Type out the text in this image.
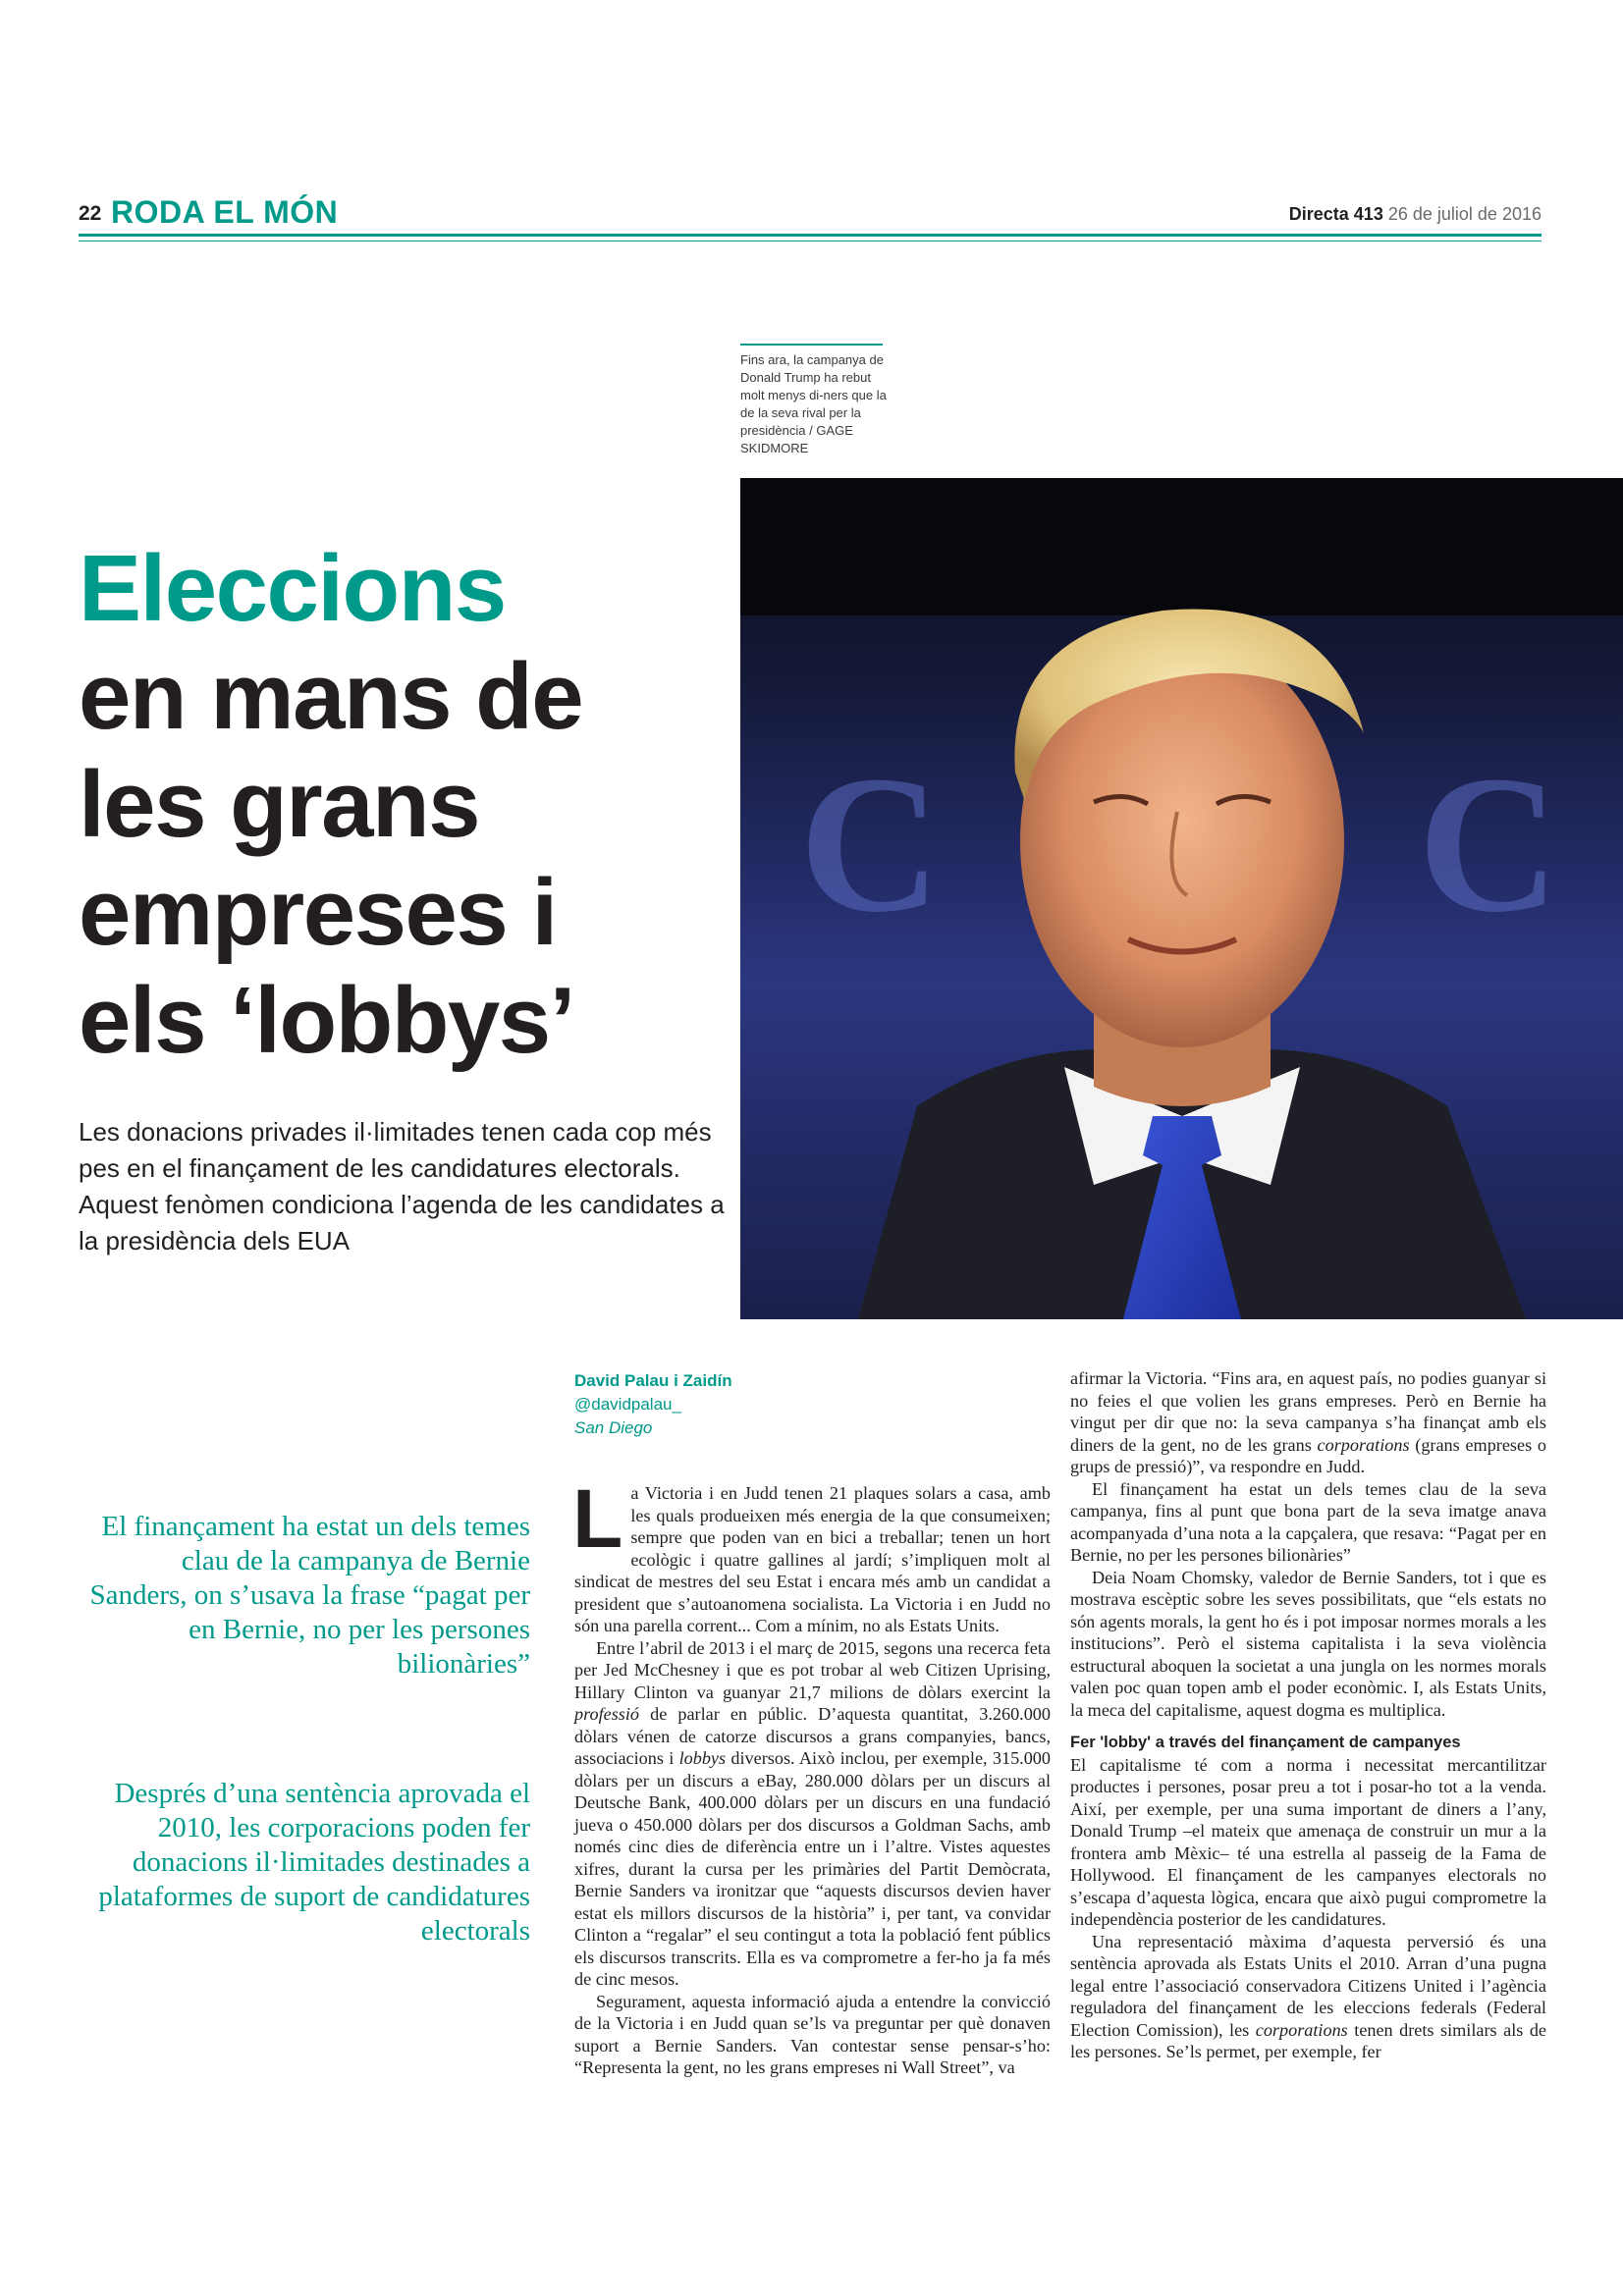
22 RODA EL MÓN	Directa 413 26 de juliol de 2016
Fins ara, la campanya de Donald Trump ha rebut molt menys di-ners que la de la seva rival per la presidència / GAGE SKIDMORE
C C
Eleccions
en mans de
les grans
empreses i
els ‘lobbys’

Les donacions privades il·limitades tenen cada cop més pes en el finançament de les candidatures electorals. Aquest fenòmen condiciona l’agenda de les candidates a la presidència dels EUA

David Palau i Zaidín
@davidpalau_
San Diego
El finançament ha estat un dels temes clau de la campanya de Bernie Sanders, on s’usava la frase “pagat per en Bernie, no per les persones bilionàries”
Després d’una sentència aprovada el 2010, les corporacions poden fer donacions il·limitades destinades a plataformes de suport de candidatures electorals

La Victoria i en Judd tenen 21 plaques solars a casa, amb les quals produeixen més energia de la que consumeixen; sempre que poden van en bici a treballar; tenen un hort ecològic i quatre gallines al jardí; s’impliquen molt al sindicat de mestres del seu Estat i encara més amb un candidat a president que s’autoanomena socialista. La Victoria i en Judd no són una parella corrent... Com a mínim, no als Estats Units.

Entre l’abril de 2013 i el març de 2015, segons una recerca feta per Jed McChesney i que es pot trobar al web Citizen Uprising, Hillary Clinton va guanyar 21,7 milions de dòlars exercint la professió de parlar en públic. D’aquesta quantitat, 3.260.000 dòlars vénen de catorze discursos a grans companyies, bancs, associacions i lobbys diversos. Això inclou, per exemple, 315.000 dòlars per un discurs a eBay, 280.000 dòlars per un discurs al Deutsche Bank, 400.000 dòlars per un discurs en una fundació jueva o 450.000 dòlars per dos discursos a Goldman Sachs, amb només cinc dies de diferència entre un i l’altre. Vistes aquestes xifres, durant la cursa per les primàries del Partit Demòcrata, Bernie Sanders va ironitzar que “aquests discursos devien haver estat els millors discursos de la història” i, per tant, va convidar Clinton a “regalar” el seu contingut a tota la població fent públics els discursos transcrits. Ella es va comprometre a fer-ho ja fa més de cinc mesos.

Segurament, aquesta informació ajuda a entendre la convicció de la Victoria i en Judd quan se’ls va preguntar per què donaven suport a Bernie Sanders. Van contestar sense pensar-s’ho: “Representa la gent, no les grans empreses ni Wall Street”, va

afirmar la Victoria. “Fins ara, en aquest país, no podies guanyar si no feies el que volien les grans empreses. Però en Bernie ha vingut per dir que no: la seva campanya s’ha finançat amb els diners de la gent, no de les grans corporations (grans empreses o grups de pressió)”, va respondre en Judd.

El finançament ha estat un dels temes clau de la seva campanya, fins al punt que bona part de la seva imatge anava acompanyada d’una nota a la capçalera, que resava: “Pagat per en Bernie, no per les persones bilionàries”

Deia Noam Chomsky, valedor de Bernie Sanders, tot i que es mostrava escèptic sobre les seves possibilitats, que “els estats no són agents morals, la gent ho és i pot imposar normes morals a les institucions”. Però el sistema capitalista i la seva violència estructural aboquen la societat a una jungla on les normes morals valen poc quan topen amb el poder econòmic. I, als Estats Units, la meca del capitalisme, aquest dogma es multiplica.

Fer 'lobby' a través del finançament de campanyes

El capitalisme té com a norma i necessitat mercantilitzar productes i persones, posar preu a tot i posar-ho tot a la venda. Així, per exemple, per una suma important de diners a l’any, Donald Trump –el mateix que amenaça de construir un mur a la frontera amb Mèxic– té una estrella al passeig de la Fama de Hollywood. El finançament de les campanyes electorals no s’escapa d’aquesta lògica, encara que això pugui comprometre la independència posterior de les candidatures.

Una representació màxima d’aquesta perversió és una sentència aprovada als Estats Units el 2010. Arran d’una pugna legal entre l’associació conservadora Citizens United i l’agència reguladora del finançament de les eleccions federals (Federal Election Comission), les corporations tenen drets similars als de les persones. Se’ls permet, per exemple, fer
